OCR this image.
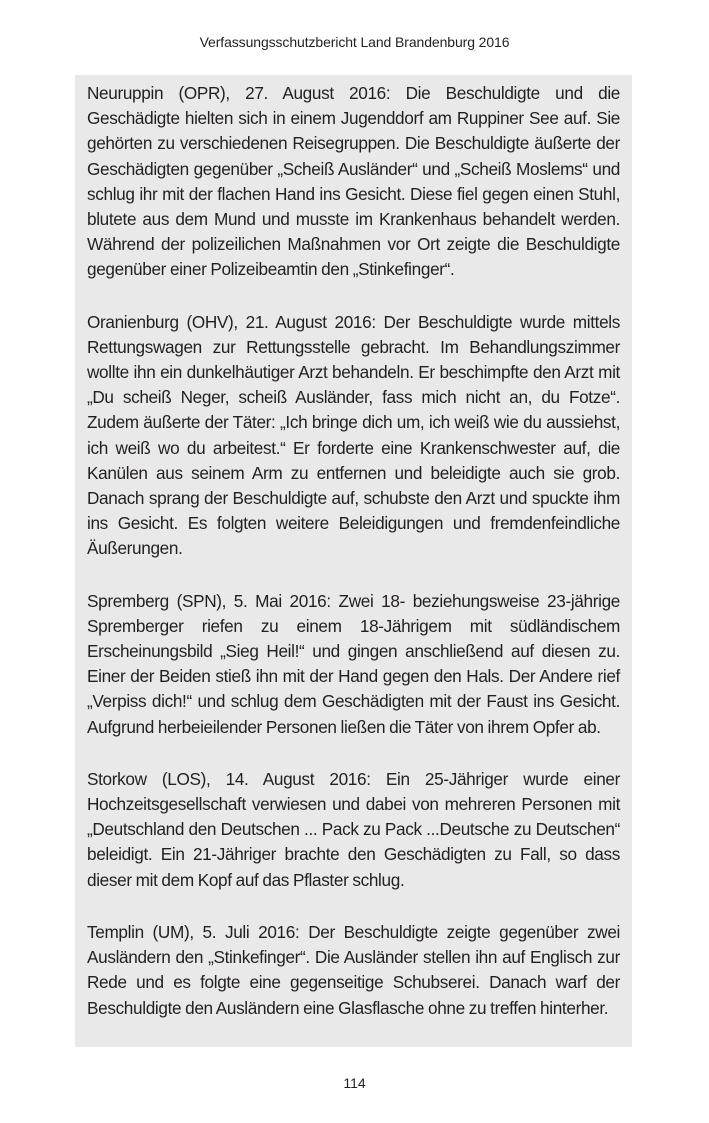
Verfassungsschutzbericht Land Brandenburg 2016

Neuruppin (OPR), 27. August 2016: Die Beschuldigte und die Geschädigte hielten sich in einem Jugenddorf am Ruppiner See auf. Sie gehörten zu verschiedenen Reisegruppen. Die Beschuldigte äußerte der Geschädigten gegenüber „Scheiß Ausländer“ und „Scheiß Moslems“ und schlug ihr mit der flachen Hand ins Gesicht. Diese fiel gegen einen Stuhl, blutete aus dem Mund und musste im Krankenhaus behandelt werden. Während der polizeilichen Maßnahmen vor Ort zeigte die Beschuldigte gegenüber einer Polizeibeamtin den „Stinkefinger“.

Oranienburg (OHV), 21. August 2016: Der Beschuldigte wurde mittels Rettungswagen zur Rettungsstelle gebracht. Im Behandlungszimmer wollte ihn ein dunkelhäutiger Arzt behandeln. Er beschimpfte den Arzt mit „Du scheiß Neger, scheiß Ausländer, fass mich nicht an, du Fotze“. Zudem äußerte der Täter: „Ich bringe dich um, ich weiß wie du aussiehst, ich weiß wo du arbeitest.“ Er forderte eine Krankenschwester auf, die Kanülen aus seinem Arm zu entfernen und beleidigte auch sie grob. Danach sprang der Beschuldigte auf, schubste den Arzt und spuckte ihm ins Gesicht. Es folgten weitere Beleidigungen und fremdenfeindliche Äußerungen.

Spremberg (SPN), 5. Mai 2016: Zwei 18- beziehungsweise 23-jährige Spremberger riefen zu einem 18-Jährigem mit südländischem Erscheinungsbild „Sieg Heil!“ und gingen anschließend auf diesen zu. Einer der Beiden stieß ihn mit der Hand gegen den Hals. Der Andere rief „Verpiss dich!“ und schlug dem Geschädigten mit der Faust ins Gesicht. Aufgrund herbeieilender Personen ließen die Täter von ihrem Opfer ab.

Storkow (LOS), 14. August 2016: Ein 25-Jähriger wurde einer Hochzeitsgesellschaft verwiesen und dabei von mehreren Personen mit „Deutschland den Deutschen ... Pack zu Pack ...Deutsche zu Deutschen“ beleidigt. Ein 21-Jähriger brachte den Geschädigten zu Fall, so dass dieser mit dem Kopf auf das Pflaster schlug.

Templin (UM), 5. Juli 2016: Der Beschuldigte zeigte gegenüber zwei Ausländern den „Stinkefinger“. Die Ausländer stellen ihn auf Englisch zur Rede und es folgte eine gegenseitige Schubserei. Danach warf der Beschuldigte den Ausländern eine Glasflasche ohne zu treffen hinterher.

114
